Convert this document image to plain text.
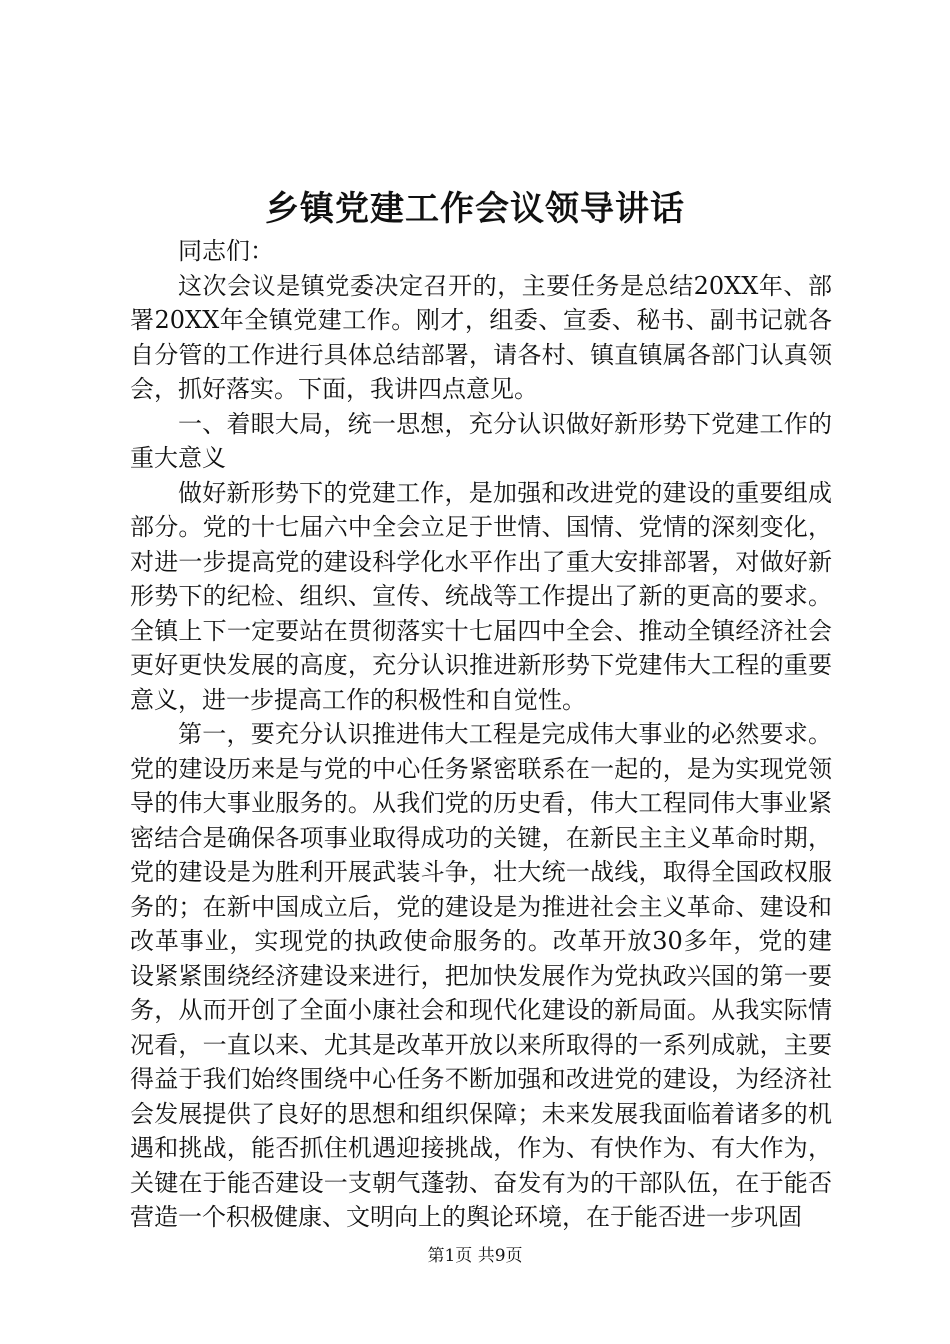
乡镇党建工作会议领导讲话

同志们：

这次会议是镇党委决定召开的，主要任务是总结20XX年、部署20XX年全镇党建工作。刚才，组委、宣委、秘书、副书记就各自分管的工作进行具体总结部署，请各村、镇直镇属各部门认真领会，抓好落实。下面，我讲四点意见。

一、着眼大局，统一思想，充分认识做好新形势下党建工作的重大意义

做好新形势下的党建工作，是加强和改进党的建设的重要组成部分。党的十七届六中全会立足于世情、国情、党情的深刻变化，对进一步提高党的建设科学化水平作出了重大安排部署，对做好新形势下的纪检、组织、宣传、统战等工作提出了新的更高的要求。全镇上下一定要站在贯彻落实十七届四中全会、推动全镇经济社会更好更快发展的高度，充分认识推进新形势下党建伟大工程的重要意义，进一步提高工作的积极性和自觉性。

第一，要充分认识推进伟大工程是完成伟大事业的必然要求。党的建设历来是与党的中心任务紧密联系在一起的，是为实现党领导的伟大事业服务的。从我们党的历史看，伟大工程同伟大事业紧密结合是确保各项事业取得成功的关键，在新民主主义革命时期，党的建设是为胜利开展武装斗争，壮大统一战线，取得全国政权服务的；在新中国成立后，党的建设是为推进社会主义革命、建设和改革事业，实现党的执政使命服务的。改革开放30多年，党的建设紧紧围绕经济建设来进行，把加快发展作为党执政兴国的第一要务，从而开创了全面小康社会和现代化建设的新局面。从我实际情况看，一直以来、尤其是改革开放以来所取得的一系列成就，主要得益于我们始终围绕中心任务不断加强和改进党的建设，为经济社会发展提供了良好的思想和组织保障；未来发展我面临着诸多的机遇和挑战，能否抓住机遇迎接挑战，作为、有快作为、有大作为，关键在于能否建设一支朝气蓬勃、奋发有为的干部队伍，在于能否营造一个积极健康、文明向上的舆论环境，在于能否进一步巩固

第1页 共9页
